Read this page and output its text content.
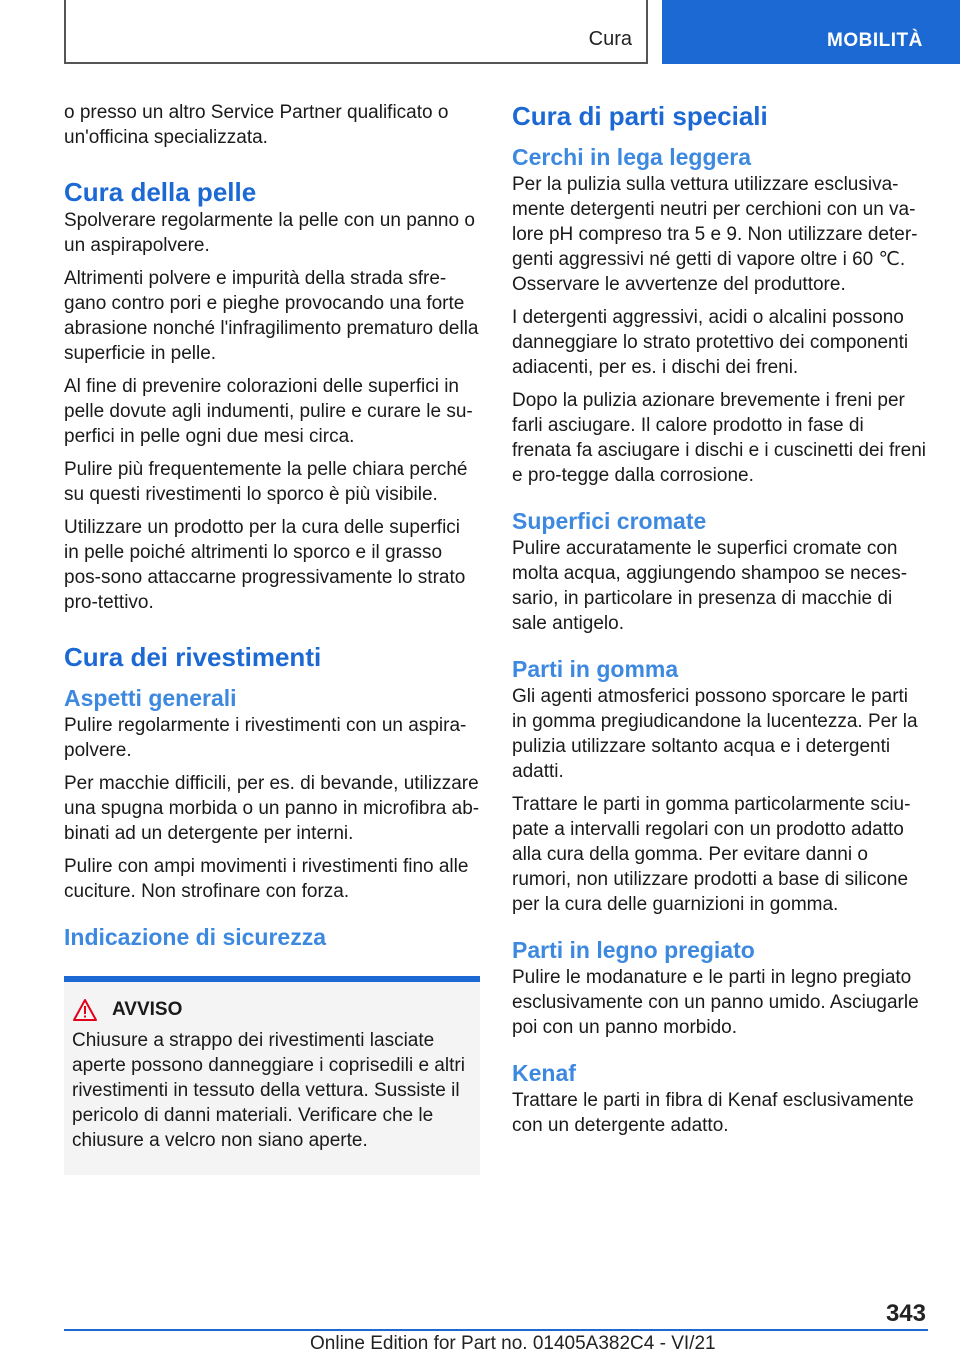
Cura	MOBILITÀ

o presso un altro Service Partner qualificato o un'officina specializzata.

Cura della pelle

Spolverare regolarmente la pelle con un panno o un aspirapolvere.

Altrimenti polvere e impurità della strada sfre-gano contro pori e pieghe provocando una forte abrasione nonché l'infragilimento prematuro della superficie in pelle.

Al fine di prevenire colorazioni delle superfici in pelle dovute agli indumenti, pulire e curare le su-perfici in pelle ogni due mesi circa.

Pulire più frequentemente la pelle chiara perché su questi rivestimenti lo sporco è più visibile.

Utilizzare un prodotto per la cura delle superfici in pelle poiché altrimenti lo sporco e il grasso pos-sono attaccarne progressivamente lo strato pro-tettivo.

Cura dei rivestimenti
Aspetti generali

Pulire regolarmente i rivestimenti con un aspira-polvere.

Per macchie difficili, per es. di bevande, utilizzare una spugna morbida o un panno in microfibra ab-binati ad un detergente per interni.

Pulire con ampi movimenti i rivestimenti fino alle cuciture. Non strofinare con forza.

Indicazione di sicurezza
AVVISO

Chiusure a strappo dei rivestimenti lasciate aperte possono danneggiare i coprisedili e altri rivestimenti in tessuto della vettura. Sussiste il pericolo di danni materiali. Verificare che le chiusure a velcro non siano aperte.

Cura di parti speciali
Cerchi in lega leggera

Per la pulizia sulla vettura utilizzare esclusiva-mente detergenti neutri per cerchioni con un va-lore pH compreso tra 5 e 9. Non utilizzare deter-genti aggressivi né getti di vapore oltre i 60 ℃. Osservare le avvertenze del produttore.

I detergenti aggressivi, acidi o alcalini possono danneggiare lo strato protettivo dei componenti adiacenti, per es. i dischi dei freni.

Dopo la pulizia azionare brevemente i freni per farli asciugare. Il calore prodotto in fase di frenata fa asciugare i dischi e i cuscinetti dei freni e pro-tegge dalla corrosione.

Superfici cromate

Pulire accuratamente le superfici cromate con molta acqua, aggiungendo shampoo se neces-sario, in particolare in presenza di macchie di sale antigelo.

Parti in gomma

Gli agenti atmosferici possono sporcare le parti in gomma pregiudicandone la lucentezza. Per la pulizia utilizzare soltanto acqua e i detergenti adatti.

Trattare le parti in gomma particolarmente sciu-pate a intervalli regolari con un prodotto adatto alla cura della gomma. Per evitare danni o rumori, non utilizzare prodotti a base di silicone per la cura delle guarnizioni in gomma.

Parti in legno pregiato

Pulire le modanature e le parti in legno pregiato esclusivamente con un panno umido. Asciugarle poi con un panno morbido.

Kenaf

Trattare le parti in fibra di Kenaf esclusivamente con un detergente adatto.

343
Online Edition for Part no. 01405A382C4 - VI/21
